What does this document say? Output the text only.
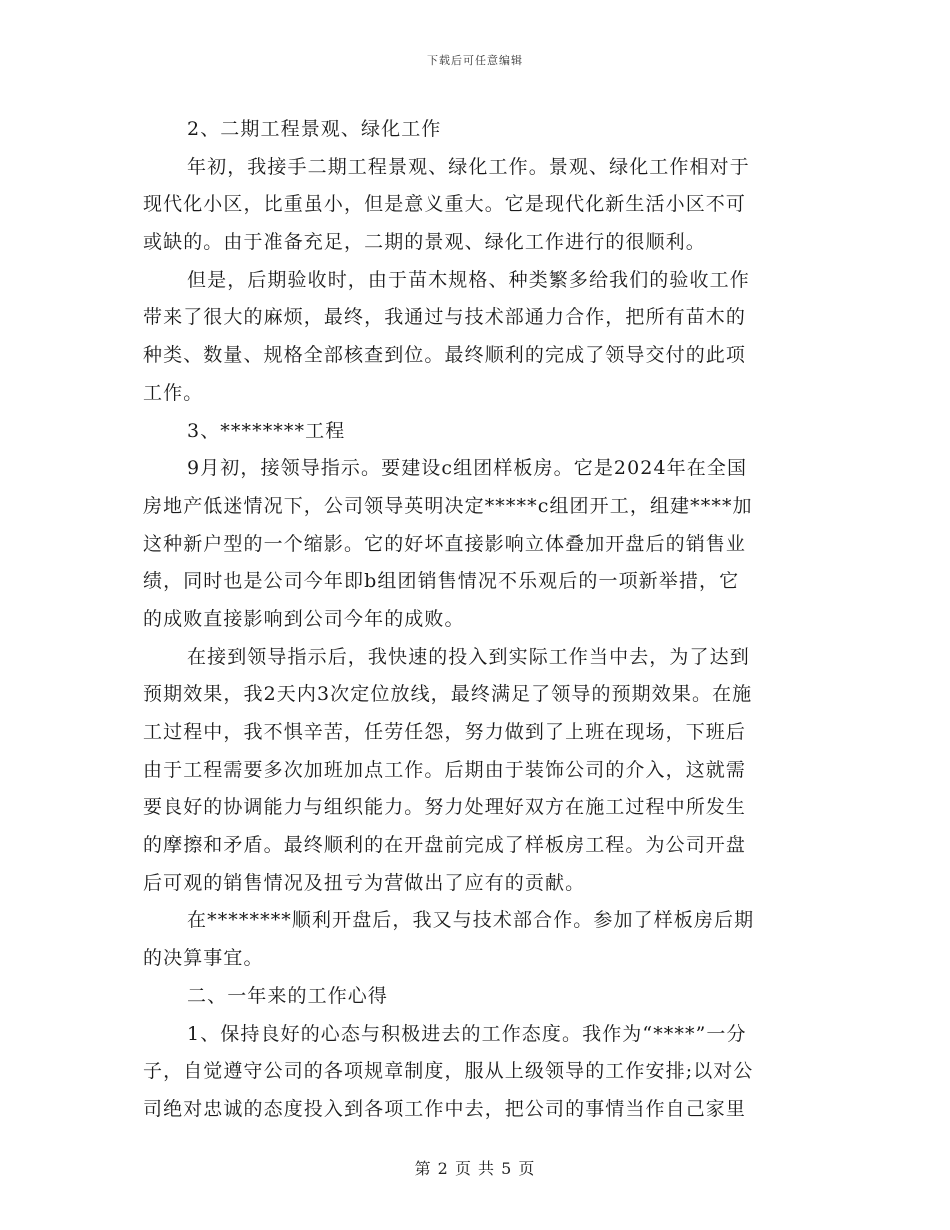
下载后可任意编辑
2、二期工程景观、绿化工作
年初，我接手二期工程景观、绿化工作。景观、绿化工作相对于
现代化小区，比重虽小，但是意义重大。它是现代化新生活小区不可
或缺的。由于准备充足，二期的景观、绿化工作进行的很顺利。
但是，后期验收时，由于苗木规格、种类繁多给我们的验收工作
带来了很大的麻烦，最终，我通过与技术部通力合作，把所有苗木的
种类、数量、规格全部核查到位。最终顺利的完成了领导交付的此项
工作。
3、********工程
9月初，接领导指示。要建设c组团样板房。它是2024年在全国
房地产低迷情况下，公司领导英明决定*****c组团开工，组建****加
这种新户型的一个缩影。它的好坏直接影响立体叠加开盘后的销售业
绩，同时也是公司今年即b组团销售情况不乐观后的一项新举措，它
的成败直接影响到公司今年的成败。
在接到领导指示后，我快速的投入到实际工作当中去，为了达到
预期效果，我2天内3次定位放线，最终满足了领导的预期效果。在施
工过程中，我不惧辛苦，任劳任怨，努力做到了上班在现场，下班后
由于工程需要多次加班加点工作。后期由于装饰公司的介入，这就需
要良好的协调能力与组织能力。努力处理好双方在施工过程中所发生
的摩擦和矛盾。最终顺利的在开盘前完成了样板房工程。为公司开盘
后可观的销售情况及扭亏为营做出了应有的贡献。
在********顺利开盘后，我又与技术部合作。参加了样板房后期
的决算事宜。
二、一年来的工作心得
1、保持良好的心态与积极进去的工作态度。我作为“****”一分
子，自觉遵守公司的各项规章制度，服从上级领导的工作安排;以对公
司绝对忠诚的态度投入到各项工作中去，把公司的事情当作自己家里
第 2 页 共 5 页
